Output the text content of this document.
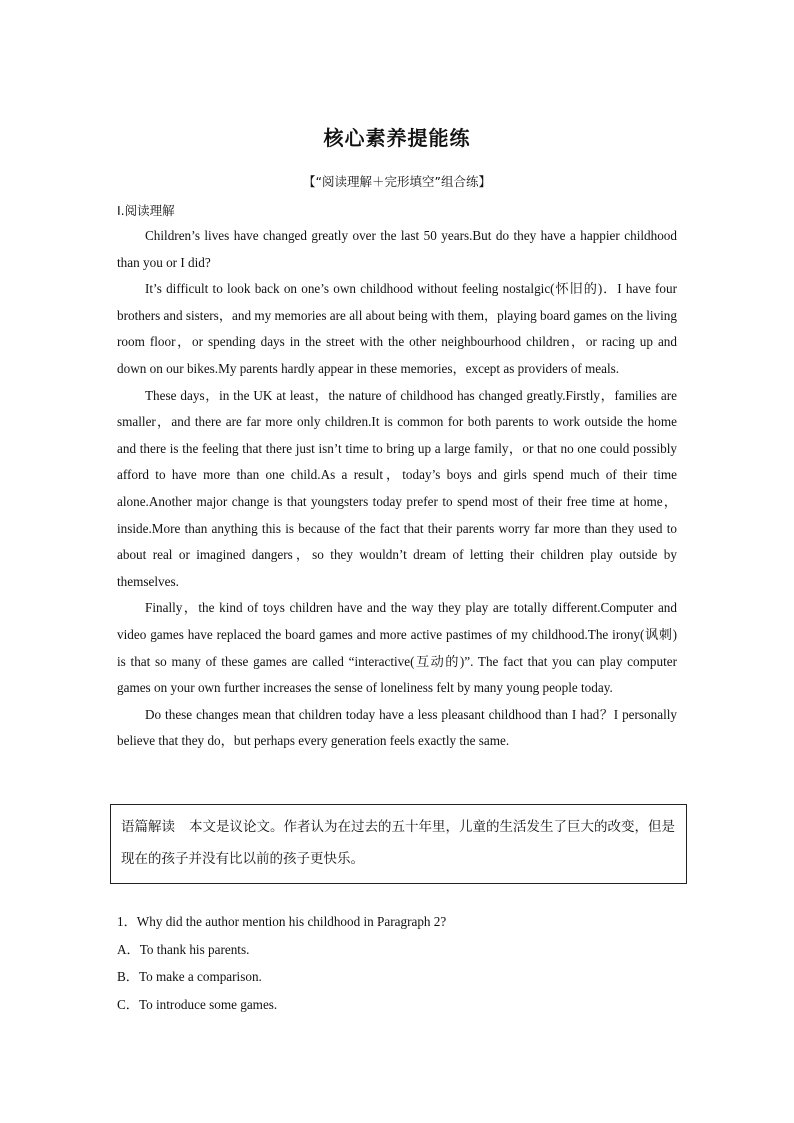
核心素养提能练
【“阅读理解＋完形填空”组合练】
Ⅰ.阅读理解

Children’s lives have changed greatly over the last 50 years.But do they have a happier childhood than you or I did?

It’s difficult to look back on one’s own childhood without feeling nostalgic(怀旧的)．I have four brothers and sisters，and my memories are all about being with them，playing board games on the living room floor，or spending days in the street with the other neighbourhood children，or racing up and down on our bikes.My parents hardly appear in these memories，except as providers of meals.

These days，in the UK at least，the nature of childhood has changed greatly.Firstly，families are smaller，and there are far more only children.It is common for both parents to work outside the home and there is the feeling that there just isn’t time to bring up a large family，or that no one could possibly afford to have more than one child.As a result，today’s boys and girls spend much of their time alone.Another major change is that youngsters today prefer to spend most of their free time at home，inside.More than anything this is because of the fact that their parents worry far more than they used to about real or imagined dangers，so they wouldn’t dream of letting their children play outside by themselves.

Finally，the kind of toys children have and the way they play are totally different.Computer and video games have replaced the board games and more active pastimes of my childhood.The irony(讽刺) is that so many of these games are called “interactive(互动的)”. The fact that you can play computer games on your own further increases the sense of loneliness felt by many young people today.

Do these changes mean that children today have a less pleasant childhood than I had？I personally believe that they do，but perhaps every generation feels exactly the same.

语篇解读 本文是议论文。作者认为在过去的五十年里，儿童的生活发生了巨大的改变，但是现在的孩子并没有比以前的孩子更快乐。
1．Why did the author mention his childhood in Paragraph 2?
A．To thank his parents.
B．To make a comparison.
C．To introduce some games.
